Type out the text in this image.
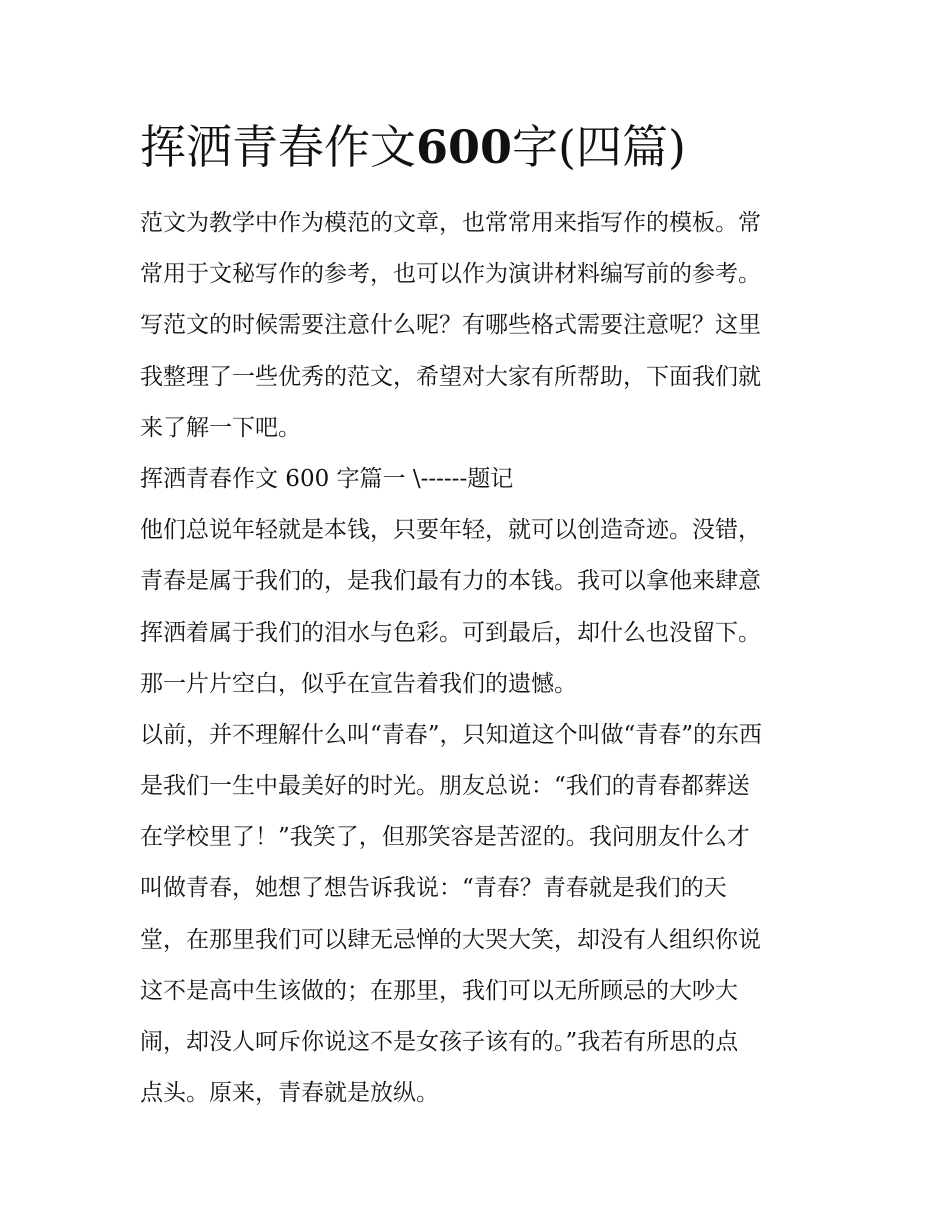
挥洒青春作文600字(四篇)

范文为教学中作为模范的文章，也常常用来指写作的模板。常

常用于文秘写作的参考，也可以作为演讲材料编写前的参考。

写范文的时候需要注意什么呢？有哪些格式需要注意呢？这里

我整理了一些优秀的范文，希望对大家有所帮助，下面我们就

来了解一下吧。

挥洒青春作文 600 字篇一 \------题记

他们总说年轻就是本钱，只要年轻，就可以创造奇迹。没错，

青春是属于我们的，是我们最有力的本钱。我可以拿他来肆意

挥洒着属于我们的泪水与色彩。可到最后，却什么也没留下。

那一片片空白，似乎在宣告着我们的遗憾。

以前，并不理解什么叫“青春”，只知道这个叫做“青春”的东西

是我们一生中最美好的时光。朋友总说：“我们的青春都葬送

在学校里了！”我笑了，但那笑容是苦涩的。我问朋友什么才

叫做青春，她想了想告诉我说：“青春？青春就是我们的天

堂，在那里我们可以肆无忌惮的大哭大笑，却没有人组织你说

这不是高中生该做的；在那里，我们可以无所顾忌的大吵大

闹，却没人呵斥你说这不是女孩子该有的。”我若有所思的点

点头。原来，青春就是放纵。
